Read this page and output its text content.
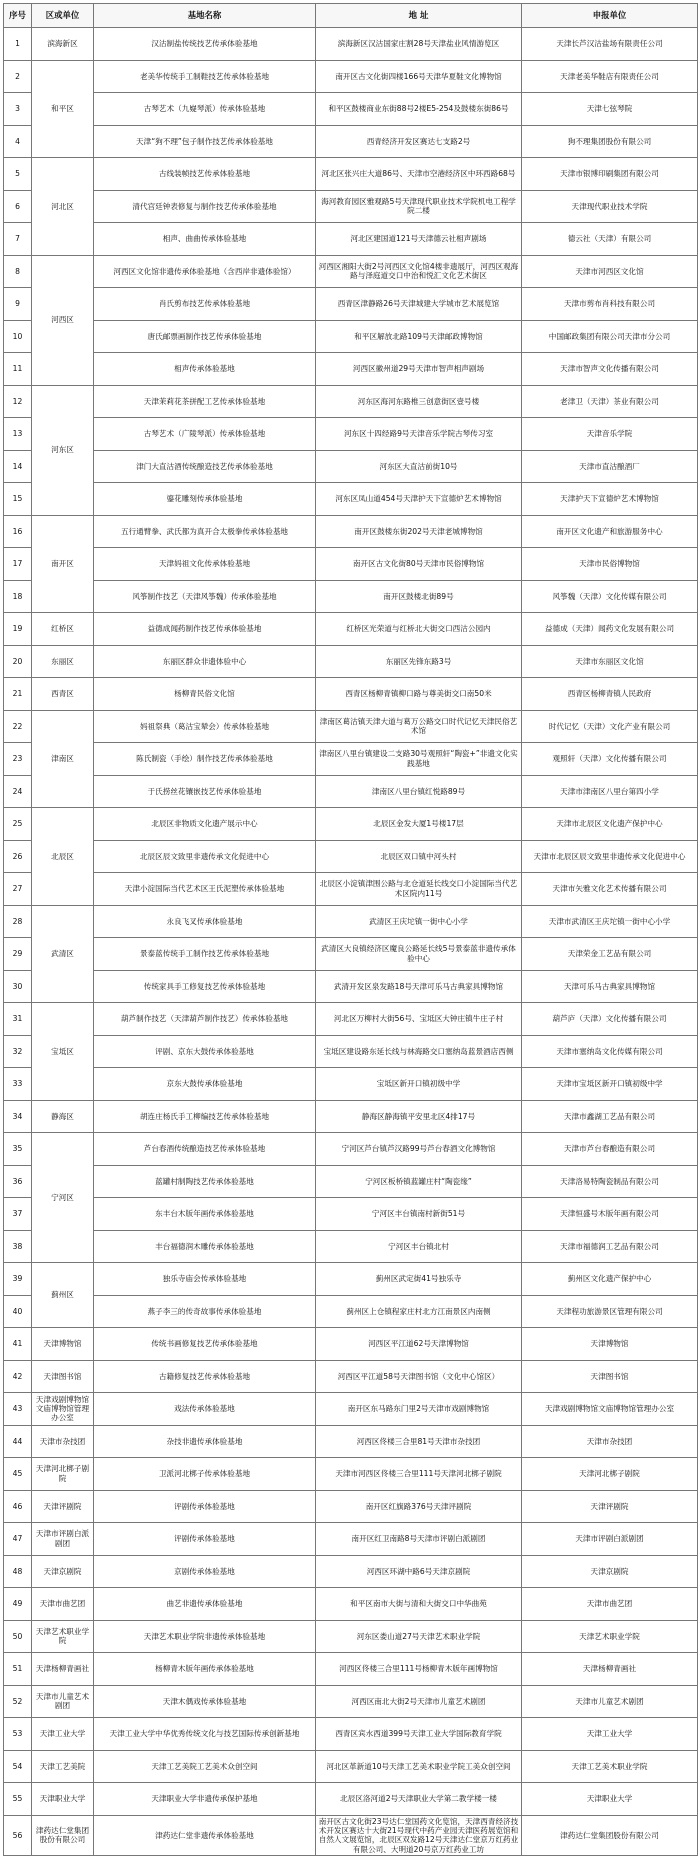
序号	区或单位	基地名称	地 址	申报单位
1	滨海新区	汉沽制盐传统技艺传承体验基地	滨海新区汉沽国家庄割28号天津盐业风情游览区	天津长芦汉沽盐场有限责任公司
2	和平区	老美华传统手工制鞋技艺传承体验基地	南开区古文化街四楼166号天津华夏鞋文化博物馆	天津老美华鞋店有限责任公司
3		古琴艺术（九嶷琴派）传承体验基地	和平区鼓楼商业东街88号2楼E5-254及鼓楼东街86号	天津七弦琴院
4		天津“狗不理”包子制作技艺传承体验基地	西青经济开发区赛达七支路2号	狗不理集团股份有限公司
5	河北区	古线装帧技艺传承体验基地	河北区张兴庄大道86号、天津市空港经济区中环西路68号	天津市银博印刷集团有限公司
6		清代宫廷钟表修复与制作技艺传承体验基地	海河教育园区雅观路5号天津现代职业技术学院机电工程学院二楼	天津现代职业技术学院
7		相声、曲曲传承体验基地	河北区建国道121号天津德云社相声剧场	德云社（天津）有限公司
8	河西区	河西区文化馆非遗传承体验基地（含西岸非遗体验馆）	河西区湘阳大街2号河西区文化馆4楼非遗展厅，河西区观海路与泽庭道交口中治和悦汇文化艺术街区	天津市河西区文化馆
9		肖氏剪布技艺传承体验基地	西青区津静路26号天津城建大学城市艺术展览馆	天津市剪布肖科技有限公司
10		唐氏邮票画制作技艺传承体验基地	和平区解放北路109号天津邮政博物馆	中国邮政集团有限公司天津市分公司
11		相声传承体验基地	河西区徽州道29号天津市智声相声剧场	天津市智声文化传播有限公司
12	河东区	天津茉莉花茶拼配工艺传承体验基地	河东区海河东路椎三创意街区壹号楼	老津卫（天津）茶业有限公司
13		古琴艺术（广陵琴派）传承体验基地	河东区十四经路9号天津音乐学院古琴传习室	天津音乐学院
14		津门大直沽酒传统酿造技艺传承体验基地	河东区大直沽前街10号	天津市直沽酿酒厂
15		鎏花雕刻传承体验基地	河东区凤山道454号天津护天下宣德炉艺术博物馆	天津护天下宣德炉艺术博物馆
16	南开区	五行通臂拳、武氏都为真开合太极拳传承体验基地	南开区鼓楼东街202号天津老城博物馆	南开区文化遗产和旅游服务中心
17		天津妈祖文化传承体验基地	南开区古文化街80号天津市民俗博物馆	天津市民俗博物馆
18		风筝制作技艺（天津风筝魏）传承体验基地	南开区鼓楼北街89号	风筝魏（天津）文化传媒有限公司
19	红桥区	益德成闻药制作技艺传承体验基地	红桥区光荣道与红桥北大街交口西沽公园内	益德成（天津）闻药文化发展有限公司
20	东丽区	东丽区群众非遗体验中心	东丽区先锋东路3号	天津市东丽区文化馆
21	西青区	杨柳青民俗文化馆	西青区杨柳青镇柳口路与尊美街交口南50米	西青区杨柳青镇人民政府
22	津南区	妈祖祭典（葛沽宝辇会）传承体验基地	津南区葛沽镇天津大道与葛万公路交口时代记忆天津民俗艺术馆	时代记忆（天津）文化产业有限公司
23		陈氏制瓷（手绘）制作技艺传承体验基地	津南区八里台镇建设二支路30号观照轩“陶瓷+”非遗文化实践基地	观照轩（天津）文化传播有限公司
24		于氏捞丝花镶嵌技艺传承体验基地	津南区八里台镇红悦路89号	天津市津南区八里台第四小学
25	北辰区	北辰区非物质文化遗产展示中心	北辰区金发大厦1号楼17层	天津市北辰区文化遗产保护中心
26		北辰区辰文致里非遗传承文化促进中心	北辰区双口镇中河头村	天津市北辰区辰文致里非遗传承文化促进中心
27		天津小淀国际当代艺术区王氏泥塑传承体验基地	北辰区小淀镇津围公路与北仓道延长线交口小淀国际当代艺术区院内11号	天津市矢雅文化艺术传播有限公司
28	武清区	永良飞叉传承体验基地	武清区王庆坨镇一街中心小学	天津市武清区王庆坨镇一街中心小学
29		景泰蓝传统手工制作技艺传承体验基地	武清区大良镇经济区魔良公路延长线5号景泰蓝非遗传承体验中心	天津荣金工艺品有限公司
30		传统家具手工修复技艺传承体验基地	武清开发区泉发路18号天津可乐马古典家具博物馆	天津可乐马古典家具博物馆
31	宝坻区	葫芦制作技艺（天津葫芦制作技艺）传承体验基地	河北区万柳村大街56号、宝坻区大钟庄镇牛庄子村	葫芦庐（天津）文化传播有限公司
32		评剧、京东大鼓传承体验基地	宝坻区建设路东延长线与林海路交口塞纳岛蓝景酒店西侧	天津市塞纳岛文化传媒有限公司
33		京东大鼓传承体验基地	宝坻区新开口镇初级中学	天津市宝坻区新开口镇初级中学
34	静海区	胡连庄杨氏手工柳编技艺传承体验基地	静海区静海镇平安里北区4排17号	天津市鑫湖工艺品有限公司
35	宁河区	芦台春酒传统酿造技艺传承体验基地	宁河区芦台镇芦汉路99号芦台春酒文化博物馆	天津市芦台春酿造有限公司
36		蓝罐村制陶技艺传承体验基地	宁河区板桥镇蓝罐庄村“陶瓷缘”	天津洛易特陶瓷制品有限公司
37		东丰台木版年画传承体验基地	宁河区丰台镇南村新街51号	天津恒盛号木版年画有限公司
38		丰台福德润木雕传承体验基地	宁河区丰台镇北村	天津市福德润工艺品有限公司
39	蓟州区	独乐寺庙会传承体验基地	蓟州区武定街41号独乐寺	蓟州区文化遗产保护中心
40		燕子李三的传奇故事传承体验基地	蓟州区上仓镇程家庄村北方江南景区内南侧	天津程功旅游景区管理有限公司
41	天津博物馆	传统书画修复技艺传承体验基地	河西区平江道62号天津博物馆	天津博物馆
42	天津图书馆	古籍修复技艺传承体验基地	河西区平江道58号天津图书馆（文化中心馆区）	天津图书馆
43	天津戏剧博物馆文庙博物馆管理办公室	戏法传承体验基地	南开区东马路东门里2号天津市戏剧博物馆	天津戏剧博物馆文庙博物馆管理办公室
44	天津市杂技团	杂技非遗传承体验基地	河西区佟楼三合里81号天津市杂技团	天津市杂技团
45	天津河北梆子剧院	卫派河北梆子传承体验基地	天津市河西区佟楼三合里111号天津河北梆子剧院	天津河北梆子剧院
46	天津评剧院	评剧传承体验基地	南开区红旗路376号天津评剧院	天津评剧院
47	天津市评剧白派剧团	评剧传承体验基地	南开区红卫南路8号天津市评剧白派剧团	天津市评剧白派剧团
48	天津京剧院	京剧传承体验基地	河西区环湖中路6号天津京剧院	天津京剧院
49	天津市曲艺团	曲艺非遗传承体验基地	和平区南市大街与清和大街交口中华曲苑	天津市曲艺团
50	天津艺术职业学院	天津艺术职业学院非遗传承体验基地	河东区娄山道27号天津艺术职业学院	天津艺术职业学院
51	天津杨柳青画社	杨柳青木版年画传承体验基地	河西区佟楼三合里111号杨柳青木版年画博物馆	天津杨柳青画社
52	天津市儿童艺术剧团	天津木偶戏传承体验基地	河西区南北大街2号天津市儿童艺术剧团	天津市儿童艺术剧团
53	天津工业大学	天津工业大学中华优秀传统文化与技艺国际传承创新基地	西青区宾水西道399号天津工业大学国际教育学院	天津工业大学
54	天津工艺美院	天津工艺美院工艺美术众创空间	河北区革新道10号天津工艺美术职业学院工美众创空间	天津工艺美术职业学院
55	天津职业大学	天津职业大学非遗传承保护基地	北辰区洛河道2号天津职业大学第二教学楼一楼	天津职业大学
56	津药达仁堂集团股份有限公司	津药达仁堂非遗传承体验基地	南开区古文化街23号达仁堂国药文化览馆，天津西青经济技术开发区赛达十大街21号现代中药产业园天津医药展览馆和自然人文展览馆，北辰区双发路12号天津达仁堂京万红药业有限公司、大明道20号京万红药业工坊	津药达仁堂集团股份有限公司
